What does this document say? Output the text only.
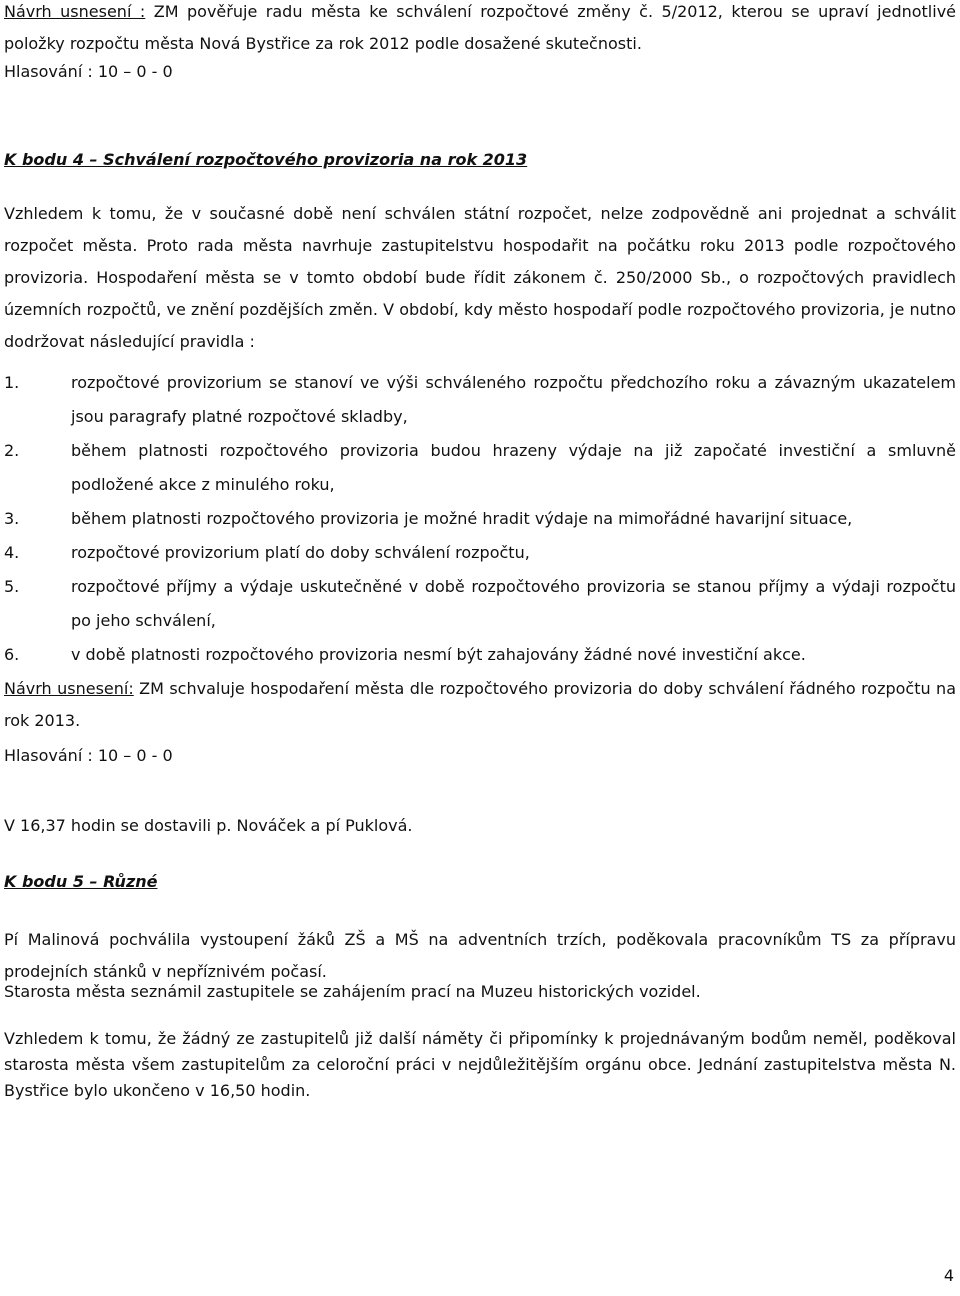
Návrh usnesení : ZM pověřuje radu města ke schválení rozpočtové změny č. 5/2012, kterou se upraví jednotlivé položky rozpočtu města Nová Bystřice za rok 2012 podle dosažené skutečnosti.

Hlasování : 10 – 0 - 0

K bodu 4 – Schválení rozpočtového provizoria na rok 2013

Vzhledem k tomu, že v současné době není schválen státní rozpočet, nelze zodpovědně ani projednat a schválit rozpočet města. Proto rada města navrhuje zastupitelstvu hospodařit na počátku roku 2013 podle rozpočtového provizoria. Hospodaření města se v tomto období bude řídit zákonem č. 250/2000 Sb., o rozpočtových pravidlech územních rozpočtů, ve znění pozdějších změn. V období, kdy město hospodaří podle rozpočtového provizoria, je nutno dodržovat následující pravidla :

1.	rozpočtové provizorium se stanoví ve výši schváleného rozpočtu předchozího roku a závazným ukazatelem jsou paragrafy platné rozpočtové skladby,
2.	během platnosti rozpočtového provizoria budou hrazeny výdaje na již započaté investiční a smluvně podložené akce z minulého roku,
3.	během platnosti rozpočtového provizoria je možné hradit výdaje na mimořádné havarijní situace,
4.	rozpočtové provizorium platí do doby schválení rozpočtu,
5.	rozpočtové příjmy a výdaje uskutečněné v době rozpočtového provizoria se stanou příjmy a výdaji rozpočtu po jeho schválení,
6.	v době platnosti rozpočtového provizoria nesmí být zahajovány žádné nové investiční akce.

Návrh usnesení: ZM schvaluje hospodaření města dle rozpočtového provizoria do doby schválení řádného rozpočtu na rok 2013.

Hlasování : 10 – 0 - 0

V 16,37 hodin se dostavili p. Nováček a pí Puklová.

K bodu 5 – Různé

Pí Malinová pochválila vystoupení žáků ZŠ a MŠ na adventních trzích, poděkovala pracovníkům TS za přípravu prodejních stánků v nepříznivém počasí.

Starosta města seznámil zastupitele se zahájením prací na Muzeu historických vozidel.

Vzhledem k tomu, že žádný ze zastupitelů již další náměty či připomínky k projednávaným bodům neměl, poděkoval starosta města všem zastupitelům za celoroční práci v nejdůležitějším orgánu obce. Jednání zastupitelstva města N. Bystřice bylo ukončeno v 16,50 hodin.

4
